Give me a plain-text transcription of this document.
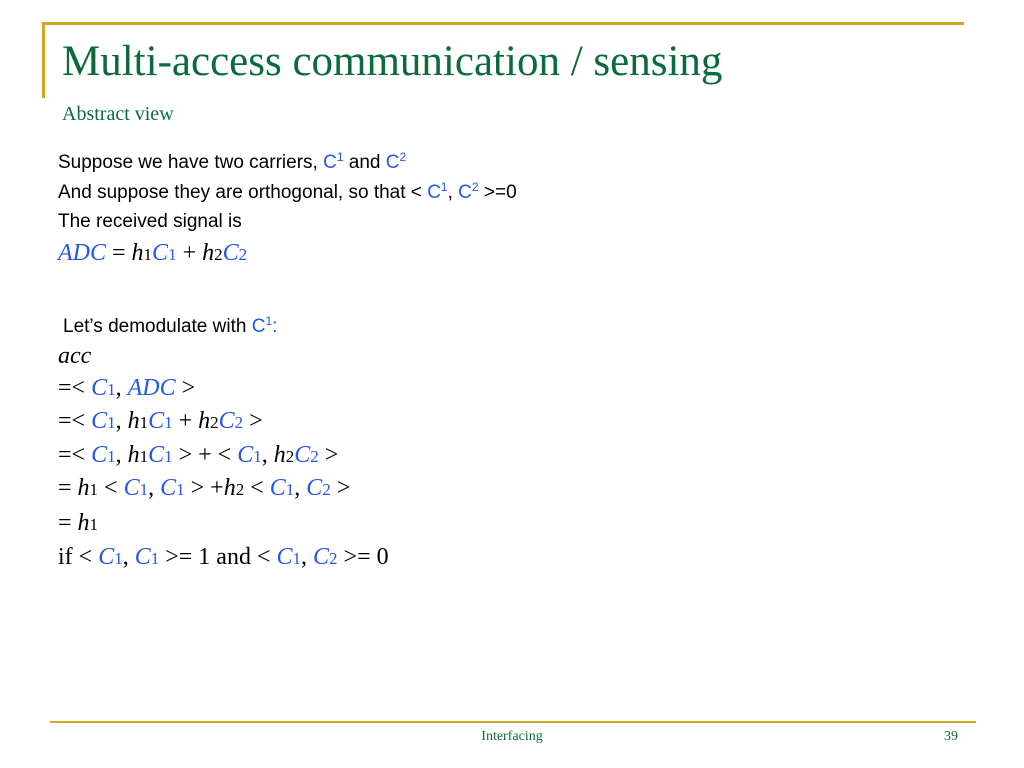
Multi-access communication / sensing
Abstract view
Suppose we have two carriers, $C^1$ and $C^2$
And suppose they are orthogonal, so that < $C^1$, $C^2 >=0$
The received signal is
ADC = h1C1 + h2C2
Let’s demodulate with $C^1$:
acc
=< C1, ADC >
=< C1, h1C1 + h2C2 >
=< C1, h1C1 > + < C1, h2C2 >
= h1 < C1, C1 > +h2 < C1, C2 >
= h1
if < C1, C1 >= 1 and < C1, C2 >= 0
Interfacing	39
